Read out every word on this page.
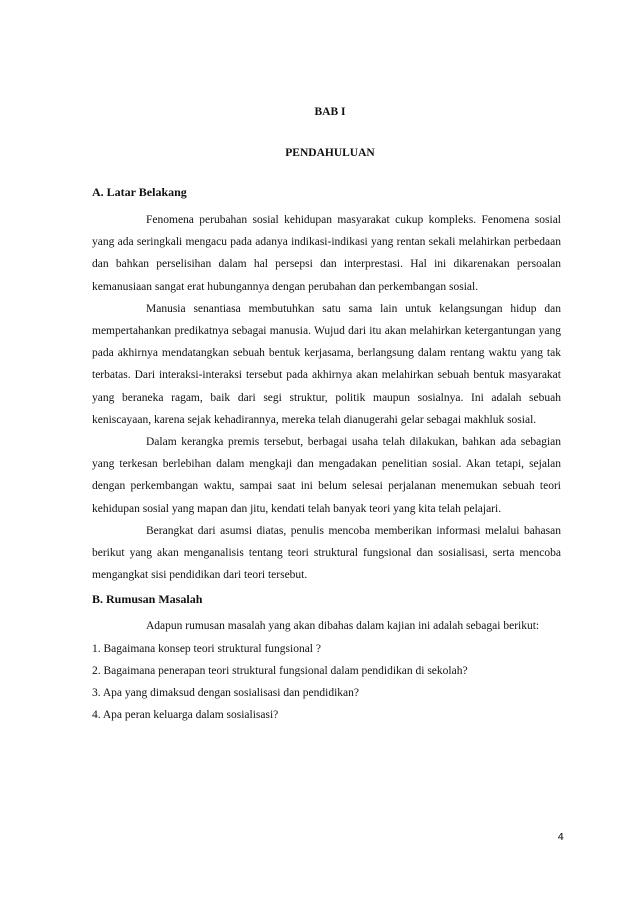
BAB I
PENDAHULUAN
A. Latar Belakang

Fenomena perubahan sosial kehidupan masyarakat cukup kompleks. Fenomena sosial yang ada seringkali mengacu pada adanya indikasi-indikasi yang rentan sekali melahirkan perbedaan dan bahkan perselisihan dalam hal persepsi dan interprestasi. Hal ini dikarenakan persoalan kemanusiaan sangat erat hubungannya dengan perubahan dan perkembangan sosial.

Manusia senantiasa membutuhkan satu sama lain untuk kelangsungan hidup dan mempertahankan predikatnya sebagai manusia. Wujud dari itu akan melahirkan ketergantungan yang pada akhirnya mendatangkan sebuah bentuk kerjasama, berlangsung dalam rentang waktu yang tak terbatas. Dari interaksi-interaksi tersebut pada akhirnya akan melahirkan sebuah bentuk masyarakat yang beraneka ragam, baik dari segi struktur, politik maupun sosialnya. Ini adalah sebuah keniscayaan, karena sejak kehadirannya, mereka telah dianugerahi gelar sebagai makhluk sosial.

Dalam kerangka premis tersebut, berbagai usaha telah dilakukan, bahkan ada sebagian yang terkesan berlebihan dalam mengkaji dan mengadakan penelitian sosial. Akan tetapi, sejalan dengan perkembangan waktu, sampai saat ini belum selesai perjalanan menemukan sebuah teori kehidupan sosial yang mapan dan jitu, kendati telah banyak teori yang kita telah pelajari.

Berangkat dari asumsi diatas, penulis mencoba memberikan informasi melalui bahasan berikut yang akan menganalisis tentang teori struktural fungsional dan sosialisasi, serta mencoba mengangkat sisi pendidikan dari teori tersebut.

B. Rumusan Masalah

Adapun rumusan masalah yang akan dibahas dalam kajian ini adalah sebagai berikut:

1. Bagaimana konsep teori struktural fungsional ?
2. Bagaimana penerapan teori struktural fungsional dalam pendidikan di sekolah?
3. Apa yang dimaksud dengan sosialisasi dan pendidikan?
4. Apa peran keluarga dalam sosialisasi?
4
